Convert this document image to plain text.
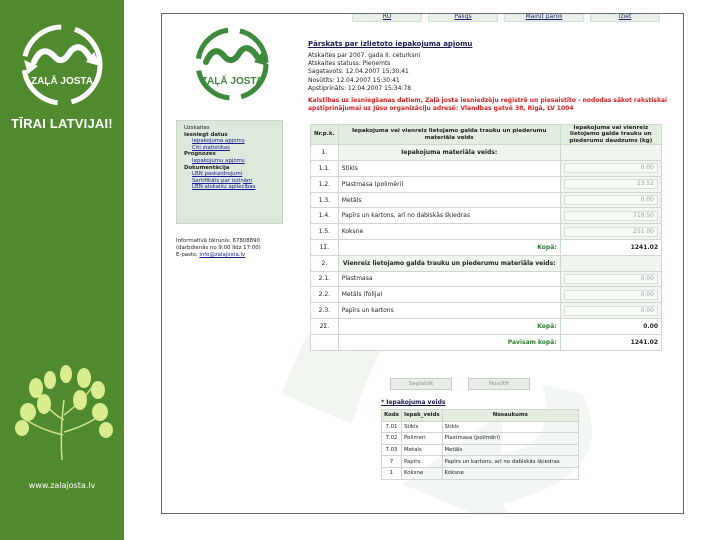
ZAĻĀ JOSTA
TĪRAI LATVIJAI!
www.zalajosta.lv
RU	Palīgs	Mainīt paroli	Iziet
ZAĻĀ JOSTA
Pārskats par izlietoto iepakojuma apjomu
Atskaites par 2007. gada II. ceturksni
Atskaites statuss: Pieņemts
Sagatavots: 12.04.2007 15:30:41
Nosūtīts: 12.04.2007 15:30:41
Apstiprināts: 12.04.2007 15:34:78
Kalstības uz iesniegšanas datiem, Zaļā josta iesniedzēju reģistrē un piesaistīto - nododas sākot rakstiskai apstiprinājumai uz Jūsu organizāciju adresē: Vlandbas gatvē 38, Rīgā, LV 1004
Uzskaites
Iesniegt datus
Iepakojuma apjoms
Citi statistikas
Prognozes
Iepakojumu apjoms
Dokumentācija
LBN paskaidrojumi
Sertifikāts par izziņām
LBN atskaišu apliecības
Informatīvā tālrunis: 67808890
(darbdienās no 9:00 līdz 17:00)
E-pasts: info@zalajosta.lv
Nr.p.k.	Iepakojuma vai vienreiz lietojamo galda trauku un piederumu materiāla veids	Iepakojuma vai vienreiz lietojamo galda trauku un piederumu daudzums (kg)
1.	Iepakojuma materiāla veids:	
1.1.	Stikls	0.00

1.2.	Plastmasa (polimēri)	23.52

1.3.	Metāls	0.00

1.4.	Papīrs un kartons, arī no dabiskās šķiedras	710.50

1.5.	Koksne	251.00

1Σ.	Kopā:	1241.02
2.	Vienreiz lietojamo galda trauku un piederumu materiāla veids:	
2.1.	Plastmasa	0.00

2.2.	Metāls (folija)	0.00

2.3.	Papīrs un kartons	0.00

2Σ.	Kopā:	0.00
	Pavisam kopā:	1241.02
Saglabāt	Nosūtīt
* Iepakojuma veids
Kods	Iepak_veids	Nosaukums
7.01	Stikls	Stikls
7.02	Polimeri	Plastmasa (polimēri)
7.03	Metals	Metāls
7	Papīrs	Papīrs un kartons, arī no dabiskās šķiedras
1	Koksne	Koksne
